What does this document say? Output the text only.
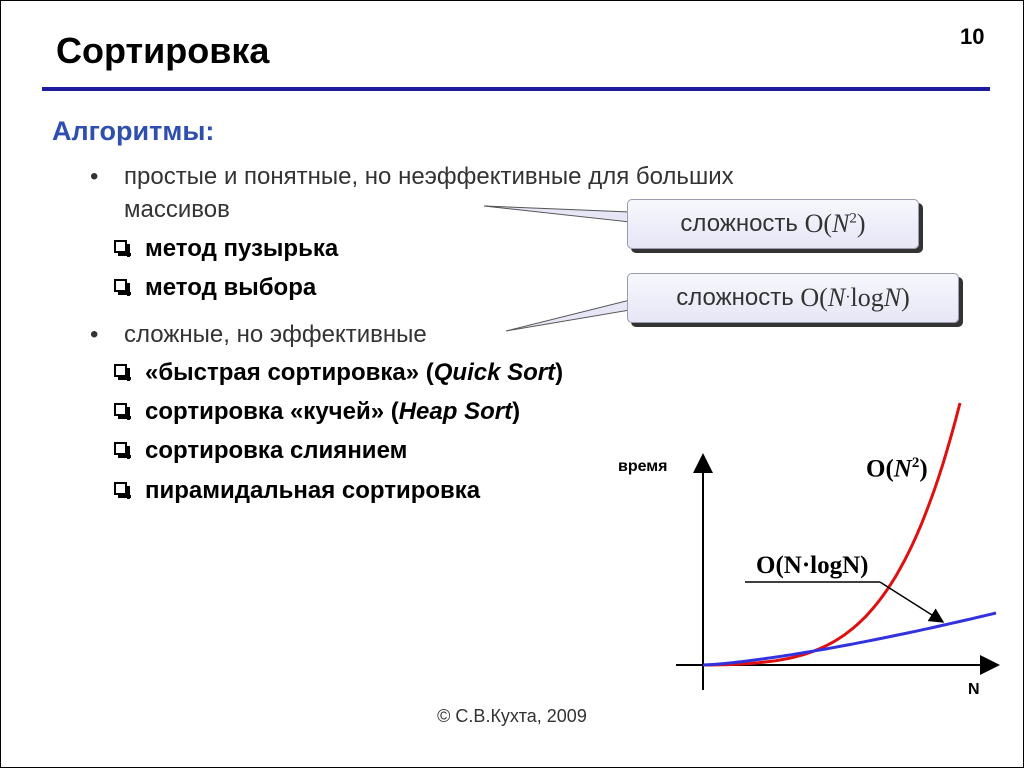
Сортировка	10
Алгоритмы:
• простые и понятные, но неэффективные для больших
массивов
метод пузырька
метод выбора
• сложные, но эффективные
«быстрая сортировка» (Quick Sort)
сортировка «кучей» (Heap Sort)
сортировка слиянием
пирамидальная сортировка
сложность
$O(N^2)$
сложность
O(N·logN)
время
N
$O(N^2)$
O(N·logN)
© С.В.Кухта, 2009
